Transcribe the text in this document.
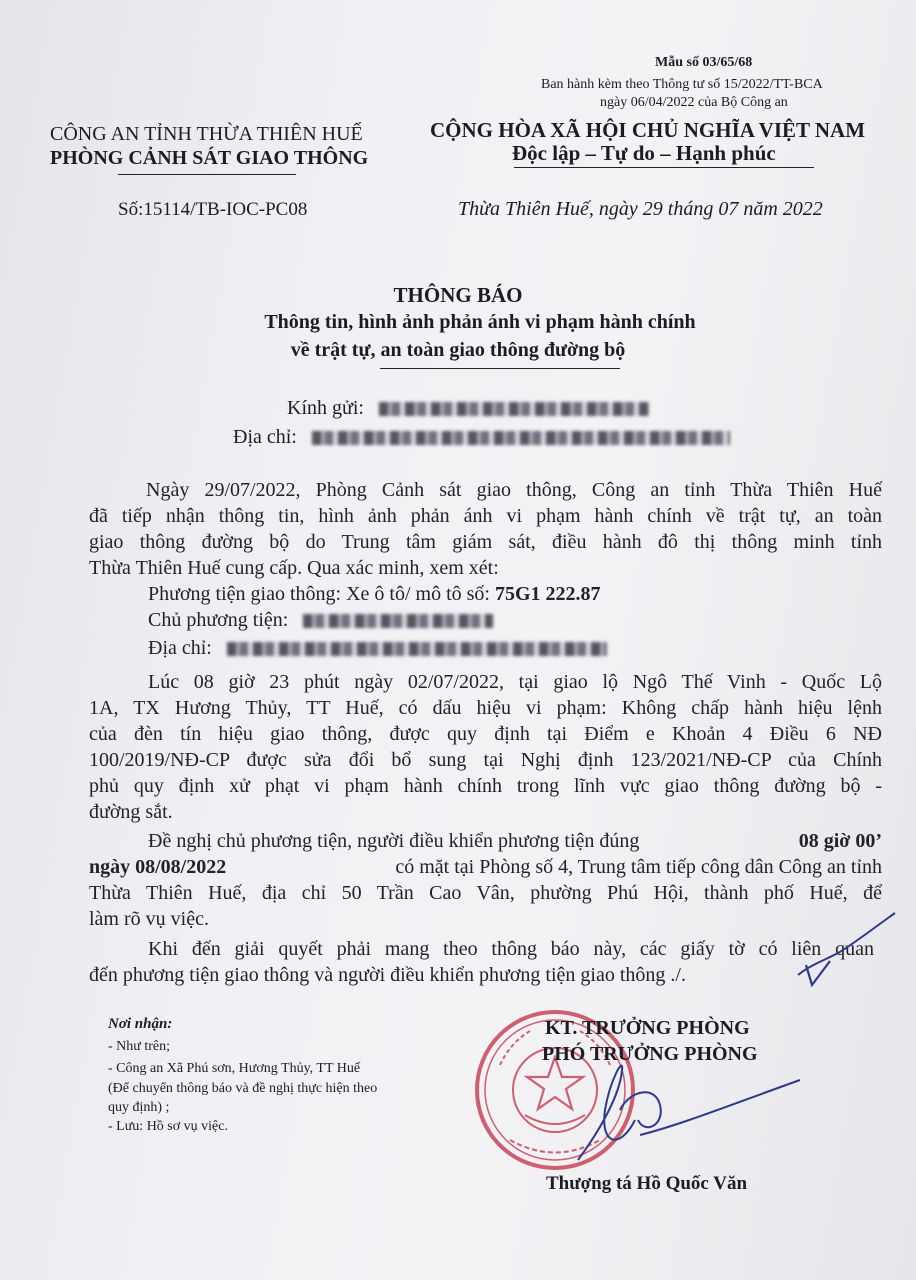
Mẫu số 03/65/68
Ban hành kèm theo Thông tư số 15/2022/TT-BCA
ngày 06/04/2022 của Bộ Công an
CÔNG AN TỈNH THỪA THIÊN HUẾ
PHÒNG CẢNH SÁT GIAO THÔNG
CỘNG HÒA XÃ HỘI CHỦ NGHĨA VIỆT NAM
Độc lập – Tự do – Hạnh phúc
Số:15114/TB-IOC-PC08	Thừa Thiên Huế, ngày 29 tháng 07 năm 2022
THÔNG BÁO
Thông tin, hình ảnh phản ánh vi phạm hành chính
về trật tự, an toàn giao thông đường bộ
Kính gửi:
Địa chỉ:
Ngày 29/07/2022, Phòng Cảnh sát giao thông, Công an tỉnh Thừa Thiên Huế
đã tiếp nhận thông tin, hình ảnh phản ánh vi phạm hành chính về trật tự, an toàn
giao thông đường bộ do Trung tâm giám sát, điều hành đô thị thông minh tỉnh
Thừa Thiên Huế cung cấp. Qua xác minh, xem xét:
Phương tiện giao thông: Xe ô tô/ mô tô số: 75G1 222.87
Chủ phương tiện:
Địa chỉ:
Lúc 08 giờ 23 phút ngày 02/07/2022, tại giao lộ Ngô Thế Vinh - Quốc Lộ
1A, TX Hương Thủy, TT Huế, có dấu hiệu vi phạm: Không chấp hành hiệu lệnh
của đèn tín hiệu giao thông, được quy định tại Điểm e Khoản 4 Điều 6 NĐ
100/2019/NĐ-CP được sửa đổi bổ sung tại Nghị định 123/2021/NĐ-CP của Chính
phủ quy định xử phạt vi phạm hành chính trong lĩnh vực giao thông đường bộ -
đường sắt.
Đề nghị chủ phương tiện, người điều khiển phương tiện đúng	08 giờ 00’
ngày 08/08/2022	có mặt tại Phòng số 4, Trung tâm tiếp công dân Công an tỉnh
Thừa Thiên Huế, địa chỉ 50 Trần Cao Vân, phường Phú Hội, thành phố Huế, để
làm rõ vụ việc.
Khi đến giải quyết phải mang theo thông báo này, các giấy tờ có liên quan
đến phương tiện giao thông và người điều khiển phương tiện giao thông ./.
Nơi nhận:
- Như trên;
- Công an Xã Phú sơn, Hương Thủy, TT Huế
(Để chuyển thông báo và đề nghị thực hiện theo
quy định) ;
- Lưu: Hồ sơ vụ việc.
KT. TRƯỞNG PHÒNG
PHÓ TRƯỞNG PHÒNG
Thượng tá Hồ Quốc Văn
